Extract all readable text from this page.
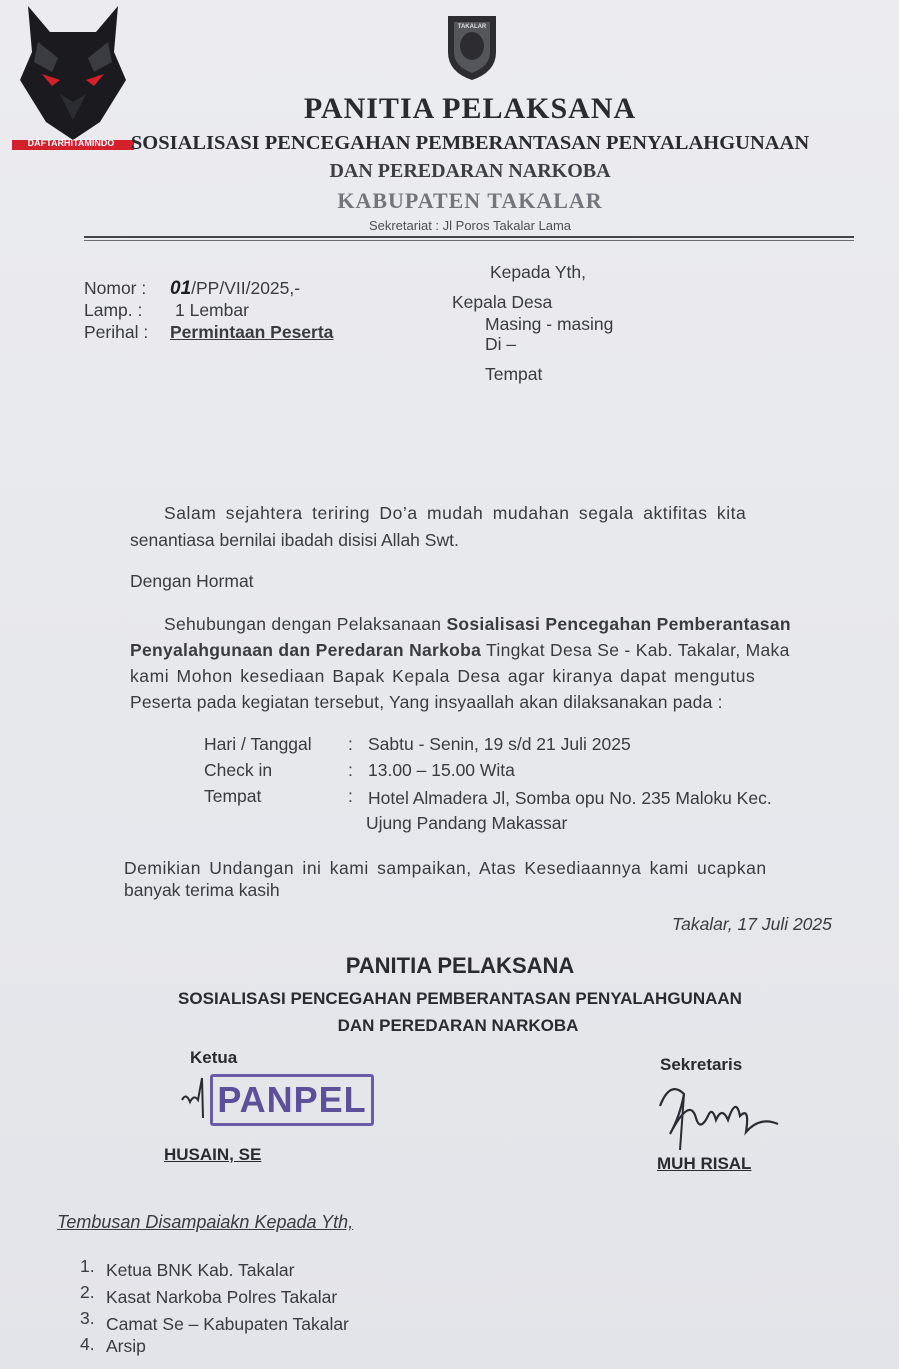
DAFTARHITAMINDO
TAKALAR
PANITIA PELAKSANA
SOSIALISASI PENCEGAHAN PEMBERANTASAN PENYALAHGUNAAN
DAN PEREDARAN NARKOBA
KABUPATEN TAKALAR
Sekretariat : Jl Poros Takalar Lama
Nomor : 01/PP/VII/2025,-
Lamp. : 1 Lembar
Perihal : Permintaan Peserta
Kepada Yth,
Kepala Desa
Masing - masing
Di –
Tempat
Salam sejahtera teriring Do’a mudah mudahan segala aktifitas kita
senantiasa bernilai ibadah disisi Allah Swt.
Dengan Hormat
Sehubungan dengan Pelaksanaan Sosialisasi Pencegahan Pemberantasan
Penyalahgunaan dan Peredaran Narkoba Tingkat Desa Se - Kab. Takalar, Maka
kami Mohon kesediaan Bapak Kepala Desa agar kiranya dapat mengutus
Peserta pada kegiatan tersebut, Yang insyaallah akan dilaksanakan pada :
Hari / Tanggal : Sabtu - Senin, 19 s/d 21 Juli 2025
Check in	: 13.00 – 15.00 Wita
Tempat	: Hotel Almadera Jl, Somba opu No. 235 Maloku Kec.
Ujung Pandang Makassar
Demikian Undangan ini kami sampaikan, Atas Kesediaannya kami ucapkan
banyak terima kasih
Takalar, 17 Juli 2025
PANITIA PELAKSANA
SOSIALISASI PENCEGAHAN PEMBERANTASAN PENYALAHGUNAAN
DAN PEREDARAN NARKOBA
Ketua
PANPEL
HUSAIN, SE
Sekretaris
MUH RISAL
Tembusan Disampaiakn Kepada Yth,
1. Ketua BNK Kab. Takalar
2. Kasat Narkoba Polres Takalar
3. Camat Se – Kabupaten Takalar
4. Arsip
